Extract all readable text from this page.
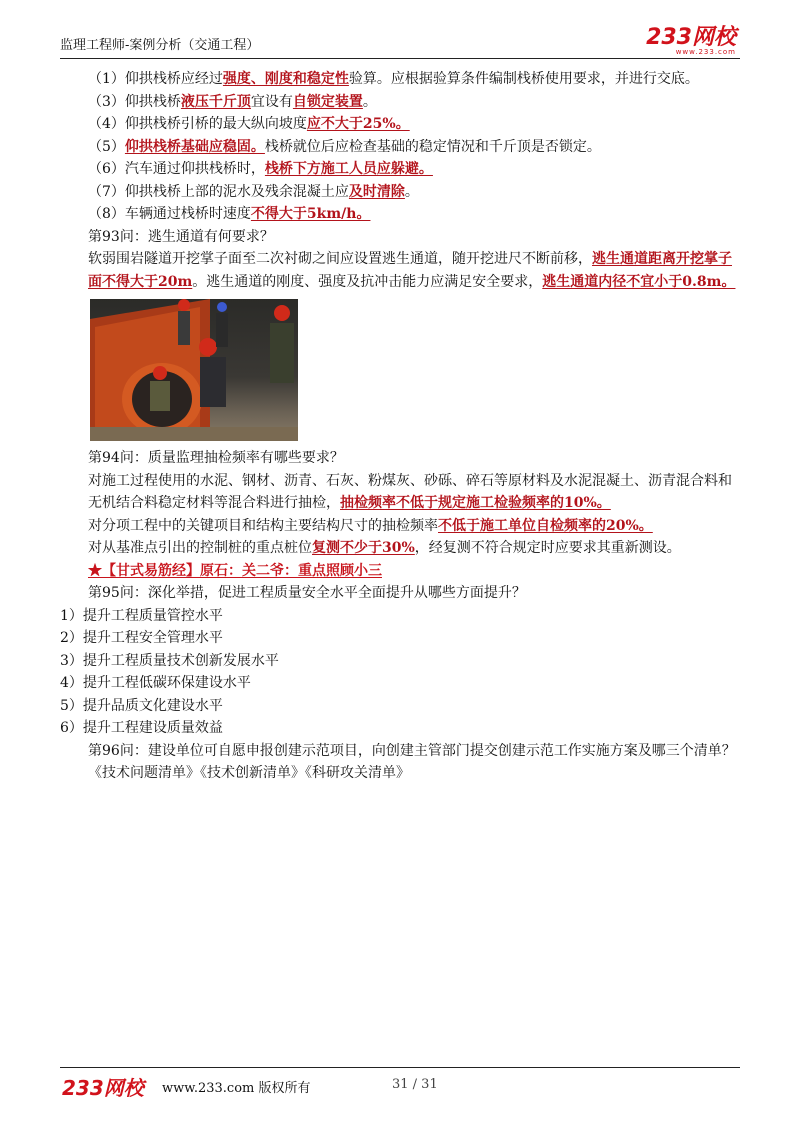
监理工程师-案例分析（交通工程）	233网校
www.233.com

（1）仰拱栈桥应经过强度、刚度和稳定性验算。应根据验算条件编制栈桥使用要求，并进行交底。

（3）仰拱栈桥液压千斤顶宜设有自锁定装置。

（4）仰拱栈桥引桥的最大纵向坡度应不大于25%。

（5）仰拱栈桥基础应稳固。栈桥就位后应检查基础的稳定情况和千斤顶是否锁定。

（6）汽车通过仰拱栈桥时，栈桥下方施工人员应躲避。

（7）仰拱栈桥上部的泥水及残余混凝土应及时清除。

（8）车辆通过栈桥时速度不得大于5km/h。

第93问：逃生通道有何要求？

软弱围岩隧道开挖掌子面至二次衬砌之间应设置逃生通道，随开挖进尺不断前移，逃生通道距离开挖掌子面不得大于20m。逃生通道的刚度、强度及抗冲击能力应满足安全要求，逃生通道内径不宜小于0.8m。

第94问：质量监理抽检频率有哪些要求？

对施工过程使用的水泥、钢材、沥青、石灰、粉煤灰、砂砾、碎石等原材料及水泥混凝土、沥青混合料和无机结合料稳定材料等混合料进行抽检，抽检频率不低于规定施工检验频率的10%。

对分项工程中的关键项目和结构主要结构尺寸的抽检频率不低于施工单位自检频率的20%。

对从基准点引出的控制桩的重点桩位复测不少于30%，经复测不符合规定时应要求其重新测设。

★【甘式易筋经】原石：关二爷：重点照顾小三

第95问：深化举措，促进工程质量安全水平全面提升从哪些方面提升？

1）提升工程质量管控水平

2）提升工程安全管理水平

3）提升工程质量技术创新发展水平

4）提升工程低碳环保建设水平

5）提升品质文化建设水平

6）提升工程建设质量效益

第96问：建设单位可自愿申报创建示范项目，向创建主管部门提交创建示范工作实施方案及哪三个清单？

《技术问题清单》《技术创新清单》《科研攻关清单》

233网校 www.233.com 版权所有	31 / 31
